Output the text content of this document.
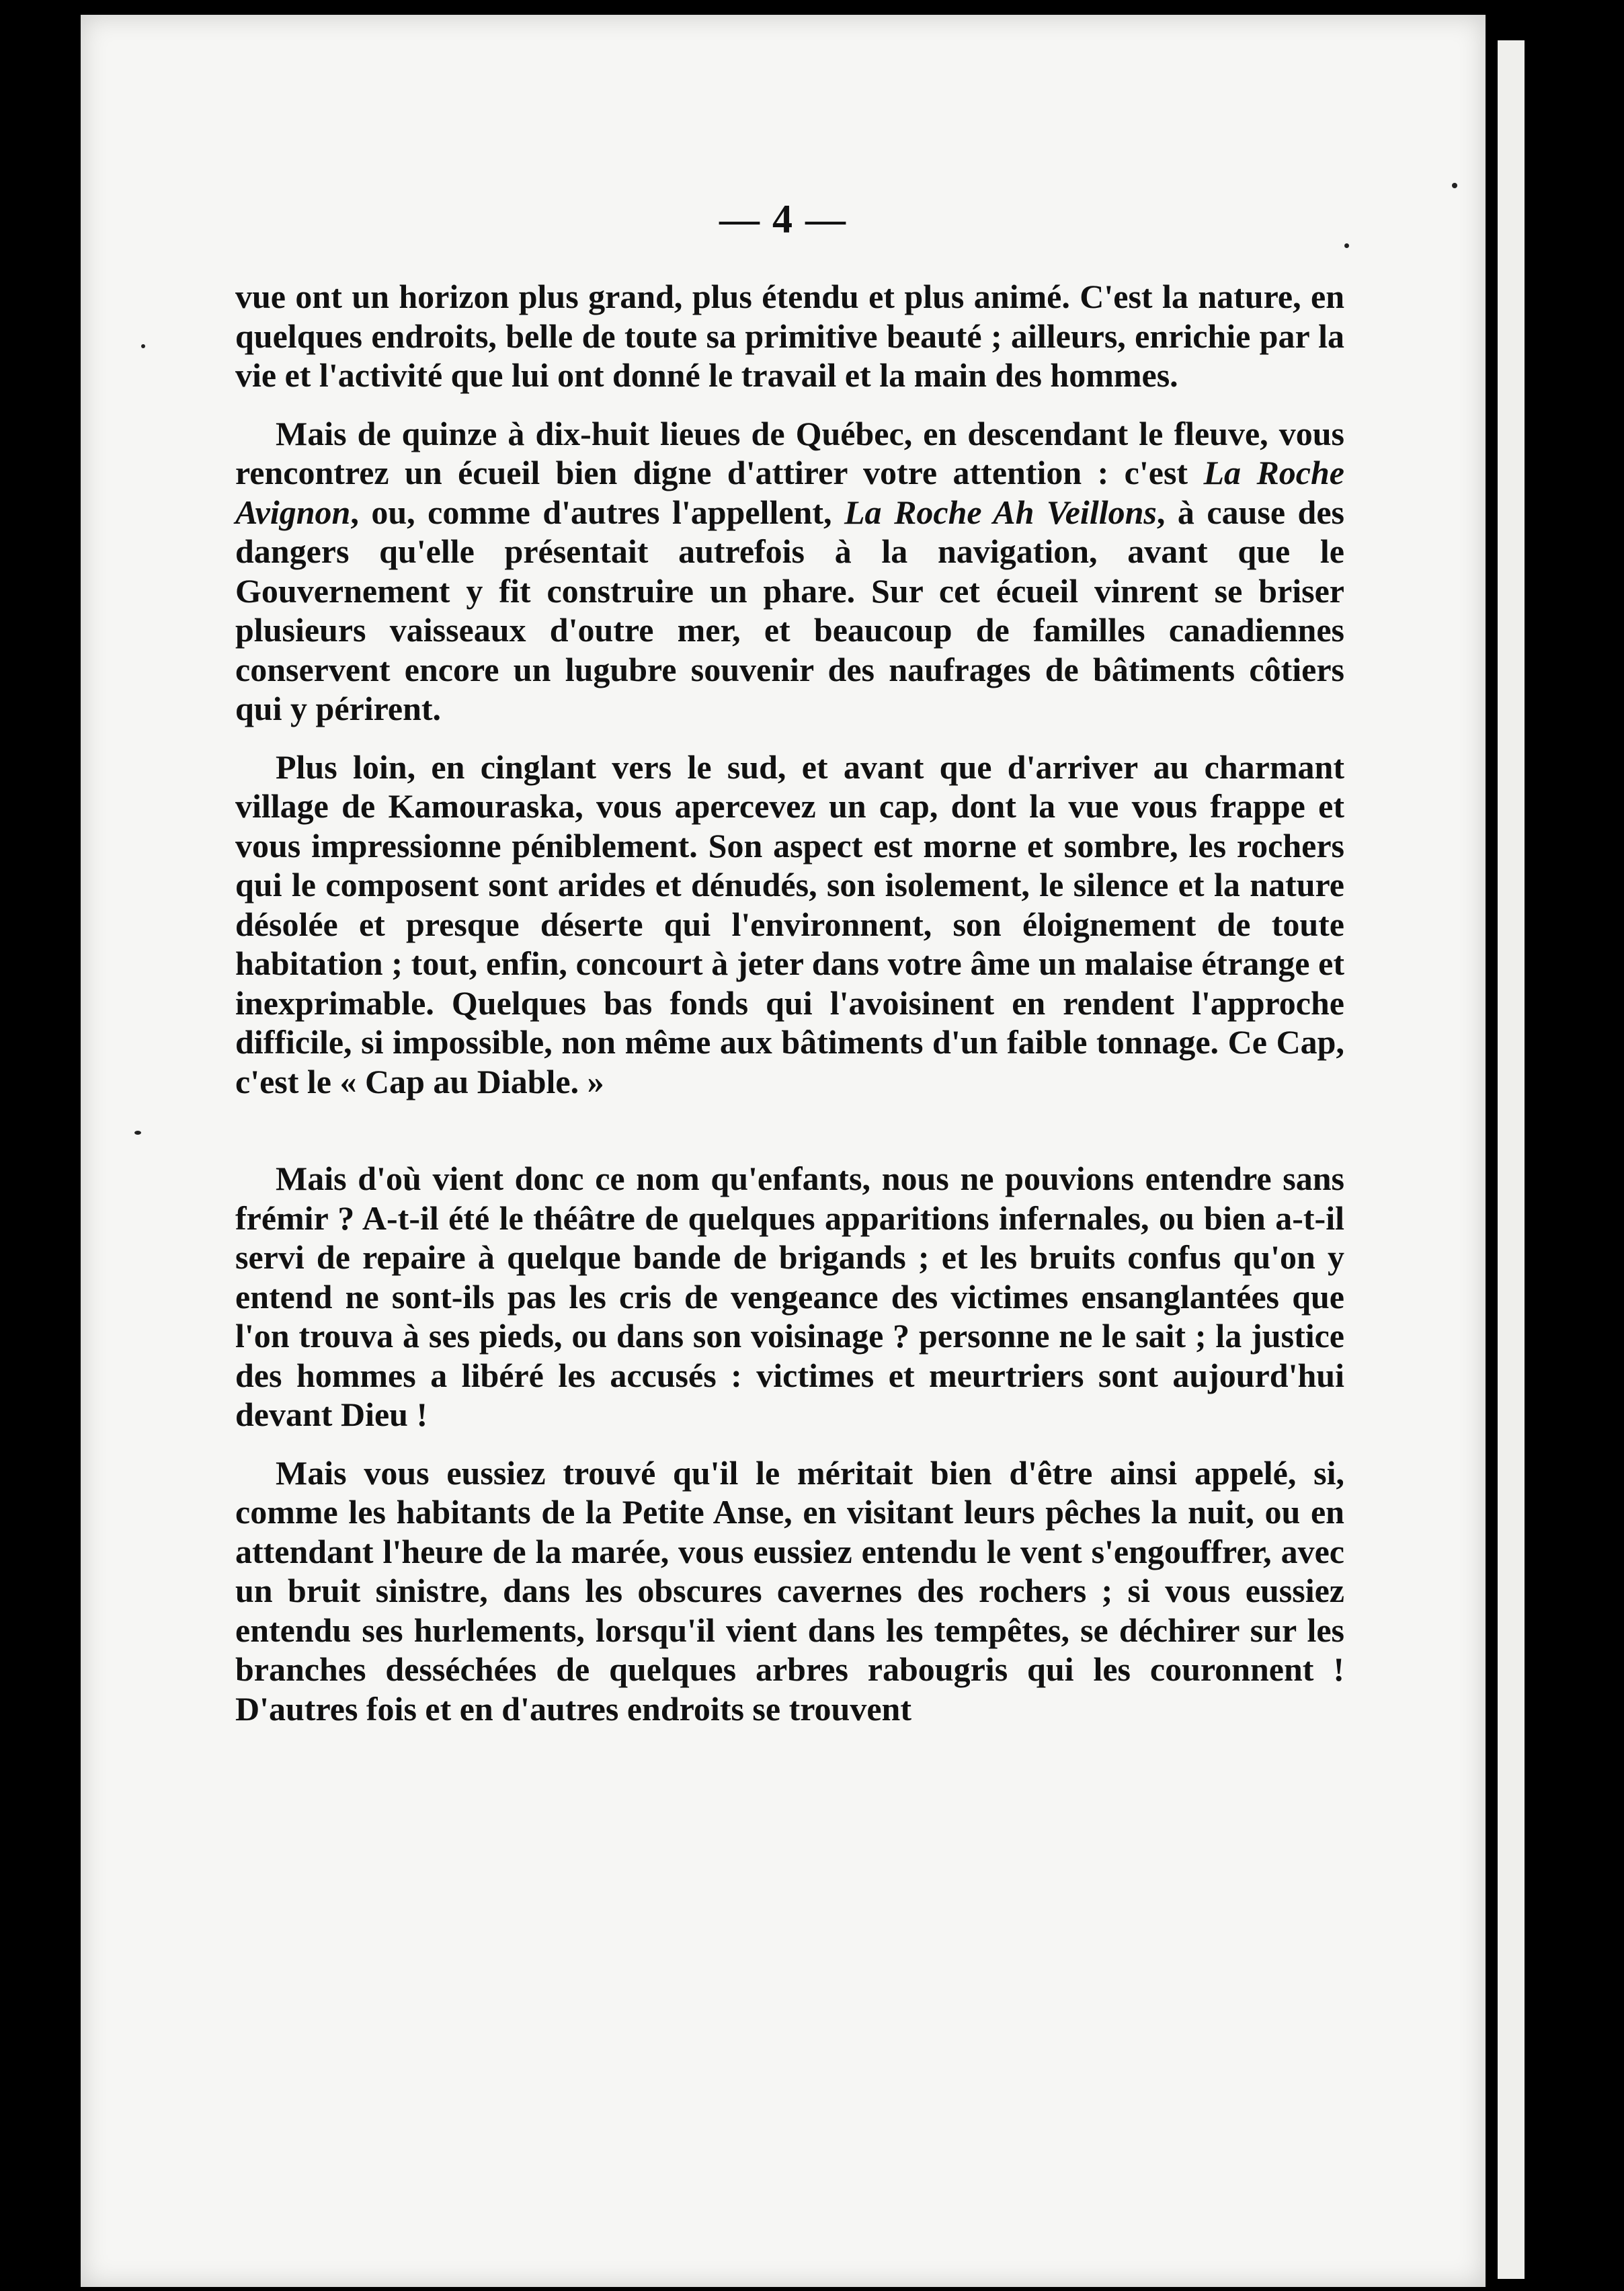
— 4 —

vue ont un horizon plus grand, plus étendu et plus animé. C'est la nature, en quelques endroits, belle de toute sa primitive beauté ; ailleurs, enrichie par la vie et l'activité que lui ont donné le travail et la main des hommes.

Mais de quinze à dix-huit lieues de Québec, en descendant le fleuve, vous rencontrez un écueil bien digne d'attirer votre attention : c'est La Roche Avignon, ou, comme d'autres l'appellent, La Roche Ah Veillons, à cause des dangers qu'elle présentait autrefois à la navigation, avant que le Gouvernement y fit construire un phare. Sur cet écueil vinrent se briser plusieurs vaisseaux d'outre mer, et beaucoup de familles canadiennes conservent encore un lugubre souvenir des naufrages de bâtiments côtiers qui y périrent.

Plus loin, en cinglant vers le sud, et avant que d'arriver au charmant village de Kamouraska, vous apercevez un cap, dont la vue vous frappe et vous impressionne péniblement. Son aspect est morne et sombre, les rochers qui le composent sont arides et dénudés, son isolement, le silence et la nature désolée et presque déserte qui l'environnent, son éloignement de toute habitation ; tout, enfin, concourt à jeter dans votre âme un malaise étrange et inexprimable. Quelques bas fonds qui l'avoisinent en rendent l'approche difficile, si impossible, non même aux bâtiments d'un faible tonnage. Ce Cap, c'est le « Cap au Diable. »

Mais d'où vient donc ce nom qu'enfants, nous ne pouvions entendre sans frémir ? A-t-il été le théâtre de quelques apparitions infernales, ou bien a-t-il servi de repaire à quelque bande de brigands ; et les bruits confus qu'on y entend ne sont-ils pas les cris de vengeance des victimes ensanglantées que l'on trouva à ses pieds, ou dans son voisinage ? personne ne le sait ; la justice des hommes a libéré les accusés : victimes et meurtriers sont aujourd'hui devant Dieu !

Mais vous eussiez trouvé qu'il le méritait bien d'être ainsi appelé, si, comme les habitants de la Petite Anse, en visitant leurs pêches la nuit, ou en attendant l'heure de la marée, vous eussiez entendu le vent s'engouffrer, avec un bruit sinistre, dans les obscures cavernes des rochers ; si vous eussiez entendu ses hurlements, lorsqu'il vient dans les tempêtes, se déchirer sur les branches desséchées de quelques arbres rabougris qui les couronnent ! D'autres fois et en d'autres endroits se trouvent
